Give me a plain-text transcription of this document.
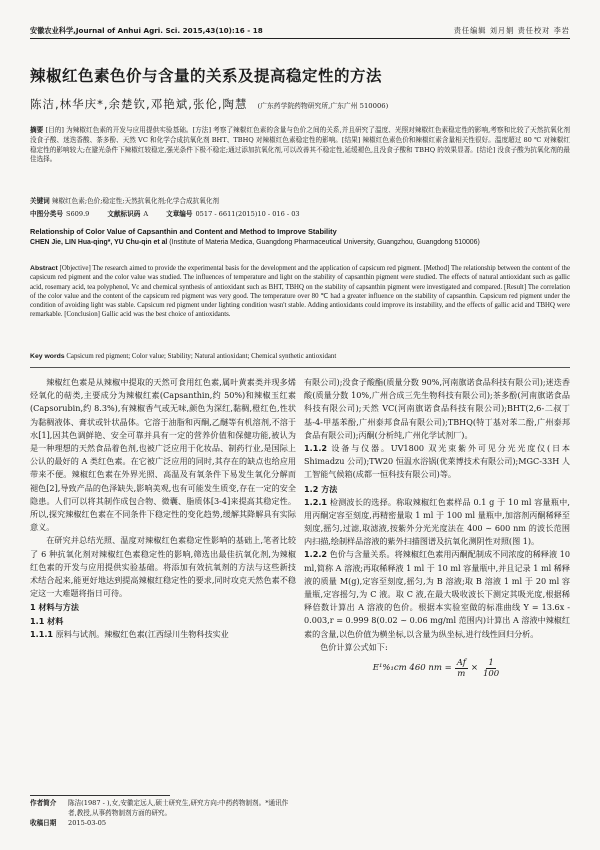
安徽农业科学,Journal of Anhui Agri. Sci. 2015,43(10):16 - 18	责任编辑 刘月娟 责任校对 李岩
辣椒红色素色价与含量的关系及提高稳定性的方法
陈洁,林华庆*,余楚钦,邓艳斌,张伦,陶慧 (广东药学院药物研究所,广东广州 510006)
摘要 [目的] 为辣椒红色素的开发与应用提供实验基础。[方法] 考察了辣椒红色素的含量与色价之间的关系,并且研究了温度、光照对辣椒红色素稳定性的影响,考察和比较了天然抗氧化剂没食子酸、迷迭香酸、茶多酚、天然 VC 和化学合成抗氧化剂 BHT、TBHQ 对辣椒红色素稳定性的影响。[结果] 辣椒红色素色价和辣椒红素含量相关性很好。温度超过 80 ℃ 对辣椒红稳定性的影响较大;在避光条件下辣椒红较稳定,强光条件下极不稳定;通过添加抗氧化剂,可以改善其不稳定性,延缓褪色,且没食子酸和 TBHQ 的效果显著。[结论] 没食子酸为抗氧化剂的最佳选择。
关键词 辣椒红色素;色价;稳定性;天然抗氧化剂;化学合成抗氧化剂
中图分类号 S609.9	文献标识码 A	文章编号 0517 - 6611(2015)10 - 016 - 03
Relationship of Color Value of Capsanthin and Content and Method to Improve Stability
CHEN Jie, LIN Hua-qing*, YU Chu-qin et al (Institute of Materia Medica, Guangdong Pharmaceutical University, Guangzhou, Guangdong 510006)
Abstract [Objective] The research aimed to provide the experimental basis for the development and the application of capsicum red pigment. [Method] The relationship between the content of the capsicum red pigment and the color value was studied. The influences of temperature and light on the stability of capsanthin pigment were studied. The effects of natural antioxidant such as gallic acid, rosemary acid, tea polyphenol, Vc and chemical synthesis of antioxidant such as BHT, TBHQ on the stability of capsanthin pigment were investigated and compared. [Result] The correlation of the color value and the content of the capsicum red pigment was very good. The temperature over 80 ℃ had a greater influence on the stability of capsanthin. Capsicum red pigment under the condition of avoiding light was stable. Capsicum red pigment under lighting condition wasn't stable. Adding antioxidants could improve its instability, and the effects of gallic acid and TBHQ were remarkable. [Conclusion] Gallic acid was the best choice of antioxidants.
Key words Capsicum red pigment; Color value; Stability; Natural antioxidant; Chemical synthetic antioxidant

辣椒红色素是从辣椒中提取的天然可食用红色素,属叶黄素类并现多烯烃氧化的萜类,主要成分为辣椒红素(Capsanthin,约 50%)和辣椒玉红素(Capsorubin,约 8.3%),有辣椒香气或无味,颜色为深红,黏稠,橙红色,性状为黏稠液体、膏状或针状晶体。它溶于油脂和丙酮,乙醚等有机溶剂,不溶于水[1],因其色调鲜艳、安全可靠并具有一定的营养价值和保健功能,被认为是一种理想的天然食品着色剂,也被广泛应用于化妆品、制药行业,是国际上公认的最好的 A 类红色素。在它被广泛应用的同时,其存在的缺点也给应用带来不便。辣椒红色素在外界光照、高温及有氧条件下易发生氧化分解而褪色[2],导致产品的色泽缺失,影响美观,也有可能发生质变,存在一定的安全隐患。人们可以将其制作成包合物、微囊、脂质体[3-4]来提高其稳定性。所以,探究辣椒红色素在不同条件下稳定性的变化趋势,缓解其降解具有实际意义。

在研究并总结光照、温度对辣椒红色素稳定性影响的基础上,笔者比较了 6 种抗氧化剂对辣椒红色素稳定性的影响,筛选出最佳抗氧化剂,为辣椒红色素的开发与应用提供实验基础。将添加有效抗氧剂的方法与这些新技术结合起来,能更好地达到提高辣椒红稳定性的要求,同时攻克天然色素不稳定这一大难题将指日可待。

1 材料与方法
1.1 材料

1.1.1 原料与试剂。辣椒红色素(江西绿川生物科技实业

有限公司);没食子酸酯(质量分数 90%,河南旗诺食品科技有限公司);迷迭香酸(质量分数 10%,广州合成三先生物科技有限公司);茶多酚(河南旗诺食品科技有限公司);天然 VC(河南旗诺食品科技有限公司);BHT(2,6-二叔丁基-4-甲基苯酚,广州泰邦食品有限公司);TBHQ(特丁基对苯二酚,广州泰邦食品有限公司);丙酮(分析纯,广州化学试剂厂)。

1.1.2 设备与仪器。UV1800 双光束紫外可见分光光度仪(日本 Shimadzu 公司);TW20 恒温水浴锅(优莱博技术有限公司);MGC-33H 人工智能气候箱(成都一恒科技有限公司)等。

1.2 方法

1.2.1 检测波长的选择。称取辣椒红色素样品 0.1 g 于 10 ml 容量瓶中,用丙酮定容至刻度,再精密量取 1 ml 于 100 ml 量瓶中,加溶剂丙酮稀释至刻度,摇匀,过滤,取滤液,按紫外分光光度法在 400 ~ 600 nm 的波长范围内扫描,绘制样品溶液的紫外扫描图谱及抗氧化测阴性对照(图 1)。

1.2.2 色价与含量关系。将辣椒红色素用丙酮配制成不同浓度的稀释液 10 ml,简称 A 溶液;再取稀释液 1 ml 于 10 ml 容量瓶中,并且记录 1 ml 稀释液的质量 M(g),定容至刻度,摇匀,为 B 溶液;取 B 溶液 1 ml 于 20 ml 容量瓶,定容摇匀,为 C 液。取 C 液,在最大吸收波长下测定其吸光度,根据稀释倍数计算出 A 溶液的色价。根据本实验室做的标准曲线 Y = 13.6x - 0.003,r = 0.999 8(0.02 ~ 0.06 mg/ml 范围内)计算出 A 溶液中辣椒红素的含量,以色价值为横坐标,以含量为纵坐标,进行线性回归分析。

色价计算公式如下:

E¹%₁cm 460 nm = $\frac{Af}{m} \times \frac{1}{100}$
作者简介	陈洁(1987 - ),女,安徽定远人,硕士研究生,研究方向:中药药物制剂。*通讯作者,教授,从事药物制剂方面的研究。
收稿日期	2015-03-05
